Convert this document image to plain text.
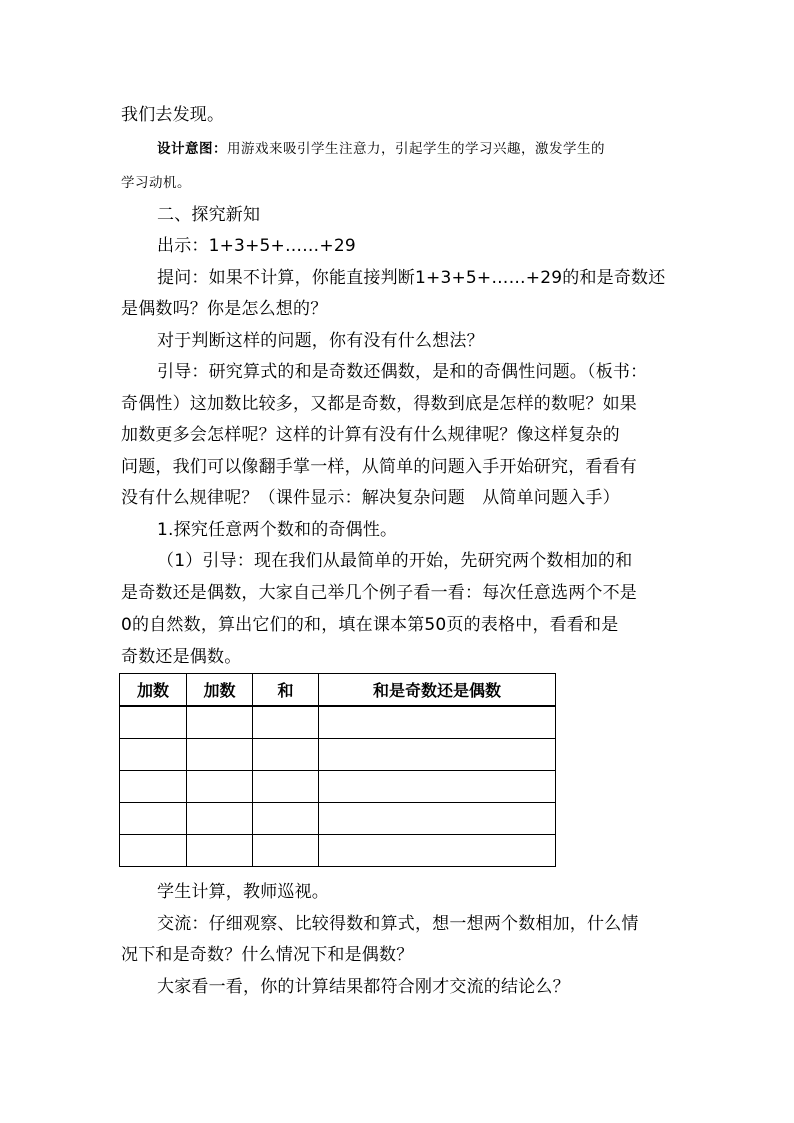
我们去发现。
设计意图：用游戏来吸引学生注意力，引起学生的学习兴趣，激发学生的
学习动机。
二、探究新知
出示：1+3+5+……+29
提问：如果不计算，你能直接判断1+3+5+……+29的和是奇数还
是偶数吗？你是怎么想的？
对于判断这样的问题，你有没有什么想法？
引导：研究算式的和是奇数还偶数，是和的奇偶性问题。（板书：
奇偶性）这加数比较多，又都是奇数，得数到底是怎样的数呢？如果
加数更多会怎样呢？这样的计算有没有什么规律呢？像这样复杂的
问题，我们可以像翻手掌一样，从简单的问题入手开始研究，看看有
没有什么规律呢？（课件显示：解决复杂问题　从简单问题入手）
1.探究任意两个数和的奇偶性。
（1）引导：现在我们从最简单的开始，先研究两个数相加的和
是奇数还是偶数，大家自己举几个例子看一看：每次任意选两个不是
0的自然数，算出它们的和，填在课本第50页的表格中，看看和是
奇数还是偶数。
加数	加数	和	和是奇数还是偶数

学生计算，教师巡视。
交流：仔细观察、比较得数和算式，想一想两个数相加，什么情
况下和是奇数？什么情况下和是偶数？
大家看一看，你的计算结果都符合刚才交流的结论么？
